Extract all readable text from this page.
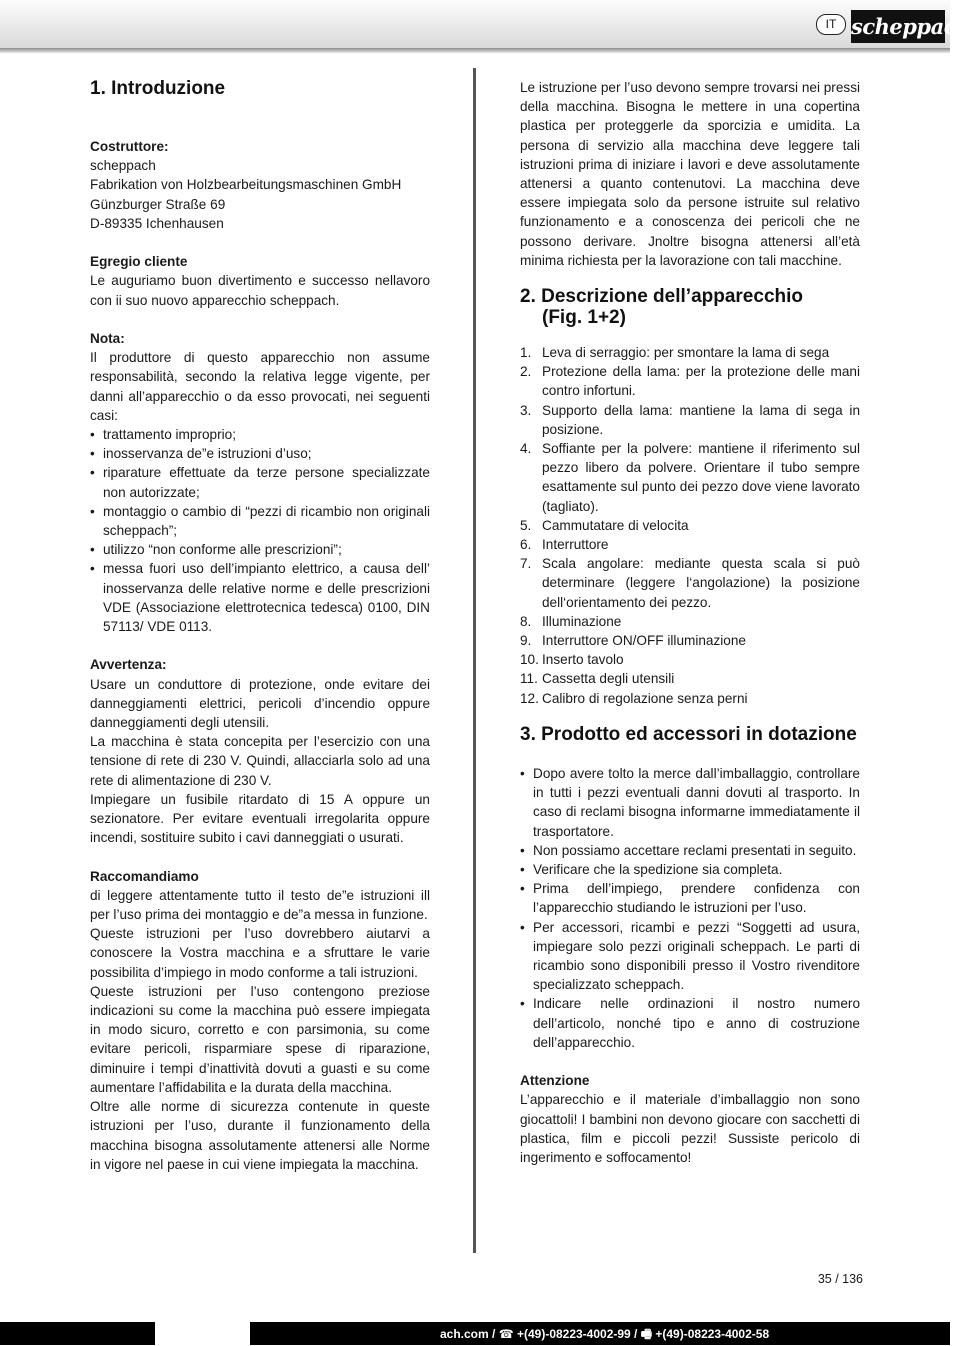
IT scheppach
1. Introduzione

Costruttore:

scheppach

Fabrikation von Holzbearbeitungsmaschinen GmbH

Günzburger Straße 69

D-89335 Ichenhausen

Egregio cliente

Le auguriamo buon divertimento e successo nellavoro con ii suo nuovo apparecchio scheppach.

Nota:

Il produttore di questo apparecchio non assume responsabilità, secondo la relativa legge vigente, per danni all’apparecchio o da esso provocati, nei seguenti casi:

• trattamento improprio;
• inosservanza de”e istruzioni d’uso;
• riparature effettuate da terze persone specializzate non autorizzate;
• montaggio o cambio di “pezzi di ricambio non originali scheppach”;
• utilizzo “non conforme alle prescrizioni”;
• messa fuori uso dell’impianto elettrico, a causa dell’ inosservanza delle relative norme e delle prescrizioni VDE (Associazione elettrotecnica tedesca) 0100, DIN 57113/ VDE 0113.

Avvertenza:

Usare un conduttore di protezione, onde evitare dei danneggiamenti elettrici, pericoli d’incendio oppure danneggiamenti degli utensili.

La macchina è stata concepita per l’esercizio con una tensione di rete di 230 V. Quindi, allacciarla solo ad una rete di alimentazione di 230 V.

Impiegare un fusibile ritardato di 15 A oppure un sezionatore. Per evitare eventuali irregolarita oppure incendi, sostituire subito i cavi danneggiati o usurati.

Raccomandiamo

di leggere attentamente tutto il testo de”e istruzioni ill per l’uso prima dei montaggio e de”a messa in funzione.

Queste istruzioni per l’uso dovrebbero aiutarvi a conoscere la Vostra macchina e a sfruttare le varie possibilita d’impiego in modo conforme a tali istruzioni.

Queste istruzioni per l’uso contengono preziose indicazioni su come la macchina può essere impiegata in modo sicuro, corretto e con parsimonia, su come evitare pericoli, risparmiare spese di riparazione, diminuire i tempi d’inattività dovuti a guasti e su come aumentare l’affidabilita e la durata della macchina.

Oltre alle norme di sicurezza contenute in queste istruzioni per l’uso, durante il funzionamento della macchina bisogna assolutamente attenersi alle Norme in vigore nel paese in cui viene impiegata la macchina.

Le istruzione per l’uso devono sempre trovarsi nei pressi della macchina. Bisogna le mettere in una copertina plastica per proteggerle da sporcizia e umidita. La persona di servizio alla macchina deve leggere tali istruzioni prima di iniziare i lavori e deve assolutamente attenersi a quanto contenutovi. La macchina deve essere impiegata solo da persone istruite sul relativo funzionamento e a conoscenza dei pericoli che ne possono derivare. Jnoltre bisogna attenersi all’età minima richiesta per la lavorazione con tali macchine.

2. Descrizione dell’apparecchio
(Fig. 1+2)
1. Leva di serraggio: per smontare la lama di sega
2. Protezione della lama: per la protezione delle mani contro infortuni.
3. Supporto della lama: mantiene la lama di sega in posizione.
4. Soffiante per la polvere: mantiene il riferimento sul pezzo libero da polvere. Orientare il tubo sempre esattamente sul punto dei pezzo dove viene lavorato (tagliato).
5. Cammutatare di velocita
6. Interruttore
7. Scala angolare: mediante questa scala si può determinare (leggere l‘angolazione) la posizione dell‘orientamento dei pezzo.
8. Illuminazione
9. Interruttore ON/OFF illuminazione
10. Inserto tavolo
11. Cassetta degli utensili
12. Calibro di regolazione senza perni
3. Prodotto ed accessori in dotazione
• Dopo avere tolto la merce dall’imballaggio, controllare in tutti i pezzi eventuali danni dovuti al trasporto. In caso di reclami bisogna informarne immediatamente il trasportatore.
• Non possiamo accettare reclami presentati in seguito.
• Verificare che la spedizione sia completa.
• Prima dell’impiego, prendere confidenza con l’apparecchio studiando le istruzioni per l’uso.
• Per accessori, ricambi e pezzi “Soggetti ad usura, impiegare solo pezzi originali scheppach. Le parti di ricambio sono disponibili presso il Vostro rivenditore specializzato scheppach.
• Indicare nelle ordinazioni il nostro numero dell’articolo, nonché tipo e anno di costruzione dell’apparecchio.

Attenzione

L’apparecchio e il materiale d’imballaggio non sono giocattoli! I bambini non devono giocare con sacchetti di plastica, film e piccoli pezzi! Sussiste pericolo di ingerimento e soffocamento!

35 / 136
ach.com / ☎ +(49)-08223-4002-99 / 🖷 +(49)-08223-4002-58
